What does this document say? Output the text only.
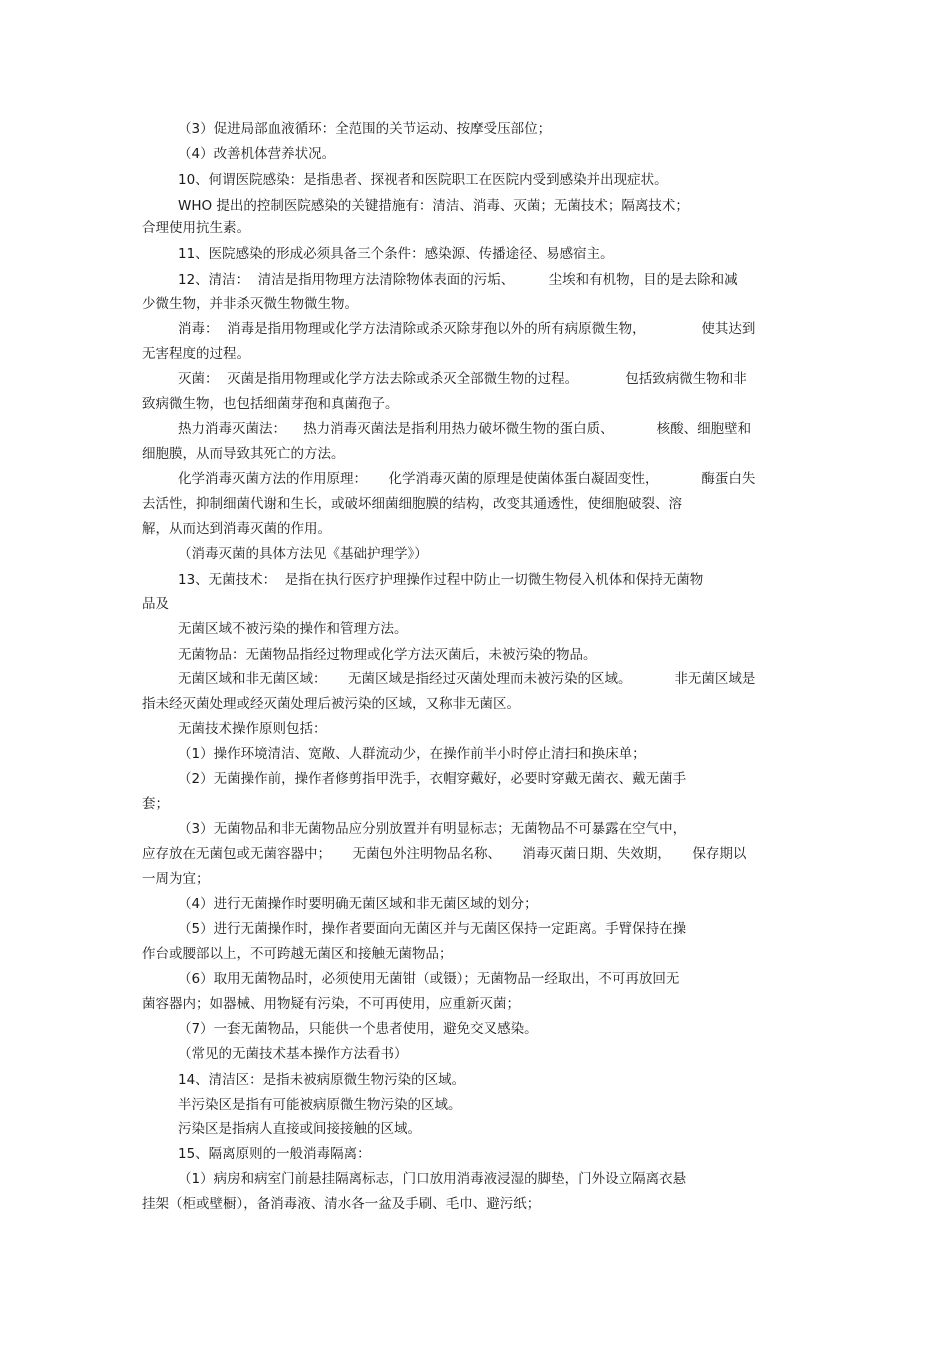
（3）促进局部血液循环：全范围的关节运动、按摩受压部位；
（4）改善机体营养状况。
10、何谓医院感染：是指患者、探视者和医院职工在医院内受到感染并出现症状。
WHO 提出的控制医院感染的关键措施有：清洁、消毒、灭菌；无菌技术；隔离技术；
合理使用抗生素。
11、医院感染的形成必须具备三个条件：感染源、传播途径、易感宿主。
12、清洁：  清洁是指用物理方法清除物体表面的污垢、        尘埃和有机物，目的是去除和减
少微生物，并非杀灭微生物微生物。
消毒：  消毒是指用物理或化学方法清除或杀灭除芽孢以外的所有病原微生物，             使其达到
无害程度的过程。
灭菌：  灭菌是指用物理或化学方法去除或杀灭全部微生物的过程。           包括致病微生物和非
致病微生物，也包括细菌芽孢和真菌孢子。
热力消毒灭菌法：    热力消毒灭菌法是指利用热力破坏微生物的蛋白质、          核酸、细胞壁和
细胞膜，从而导致其死亡的方法。
化学消毒灭菌方法的作用原理：     化学消毒灭菌的原理是使菌体蛋白凝固变性，          酶蛋白失
去活性，抑制细菌代谢和生长，或破坏细菌细胞膜的结构，改变其通透性，使细胞破裂、溶
解，从而达到消毒灭菌的作用。
（消毒灭菌的具体方法见《基础护理学》）
13、无菌技术：  是指在执行医疗护理操作过程中防止一切微生物侵入机体和保持无菌物
品及
无菌区域不被污染的操作和管理方法。
无菌物品：无菌物品指经过物理或化学方法灭菌后，未被污染的物品。
无菌区域和非无菌区域：     无菌区域是指经过灭菌处理而未被污染的区域。          非无菌区域是
指未经灭菌处理或经灭菌处理后被污染的区域，又称非无菌区。
无菌技术操作原则包括：
（1）操作环境清洁、宽敞、人群流动少，在操作前半小时停止清扫和换床单；
（2）无菌操作前，操作者修剪指甲洗手，衣帽穿戴好，必要时穿戴无菌衣、戴无菌手
套；
（3）无菌物品和非无菌物品应分别放置并有明显标志；无菌物品不可暴露在空气中，
应存放在无菌包或无菌容器中；     无菌包外注明物品名称、     消毒灭菌日期、失效期，     保存期以
一周为宜；
（4）进行无菌操作时要明确无菌区域和非无菌区域的划分；
（5）进行无菌操作时，操作者要面向无菌区并与无菌区保持一定距离。手臂保持在操
作台或腰部以上，不可跨越无菌区和接触无菌物品；
（6）取用无菌物品时，必须使用无菌钳（或镊）；无菌物品一经取出，不可再放回无
菌容器内；如器械、用物疑有污染，不可再使用，应重新灭菌；
（7）一套无菌物品，只能供一个患者使用，避免交叉感染。
（常见的无菌技术基本操作方法看书）
14、清洁区：是指未被病原微生物污染的区域。
半污染区是指有可能被病原微生物污染的区域。
污染区是指病人直接或间接接触的区域。
15、隔离原则的一般消毒隔离：
（1）病房和病室门前悬挂隔离标志，门口放用消毒液浸湿的脚垫，门外设立隔离衣悬
挂架（柜或壁橱），备消毒液、清水各一盆及手刷、毛巾、避污纸；
